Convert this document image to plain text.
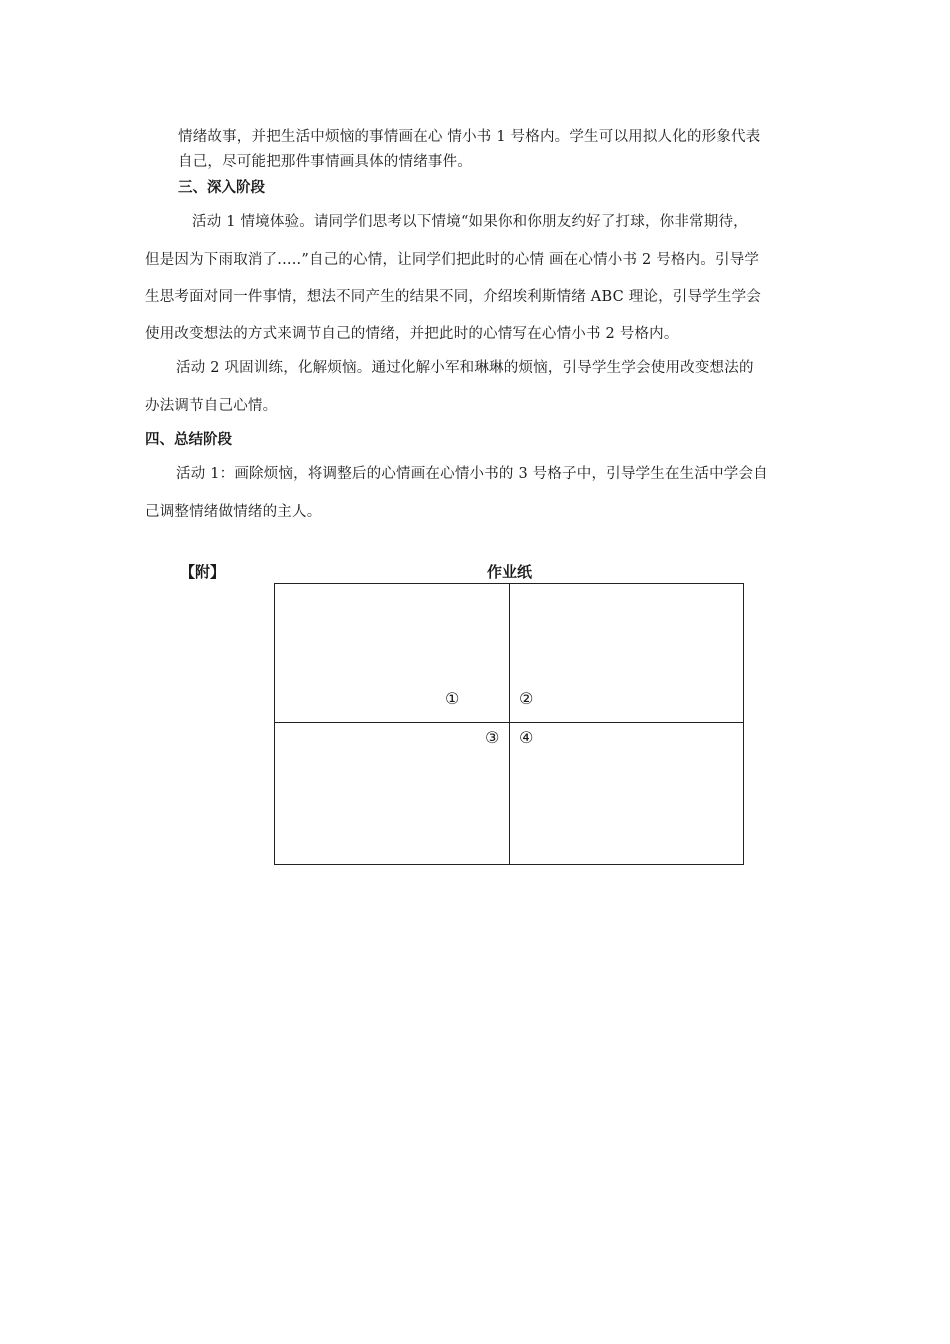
情绪故事，并把生活中烦恼的事情画在心 情小书 1 号格内。学生可以用拟人化的形象代表
自己，尽可能把那件事情画具体的情绪事件。
三、深入阶段
活动 1 情境体验。请同学们思考以下情境“如果你和你朋友约好了打球，你非常期待，
但是因为下雨取消了.....”自己的心情，让同学们把此时的心情 画在心情小书 2 号格内。引导学
生思考面对同一件事情，想法不同产生的结果不同，介绍埃利斯情绪 ABC 理论，引导学生学会
使用改变想法的方式来调节自己的情绪，并把此时的心情写在心情小书 2 号格内。
活动 2 巩固训练，化解烦恼。通过化解小军和琳琳的烦恼，引导学生学会使用改变想法的
办法调节自己心情。
四、总结阶段
活动 1：画除烦恼，将调整后的心情画在心情小书的 3 号格子中，引导学生在生活中学会自
己调整情绪做情绪的主人。
【附】	作业纸
①	②
③ ④
